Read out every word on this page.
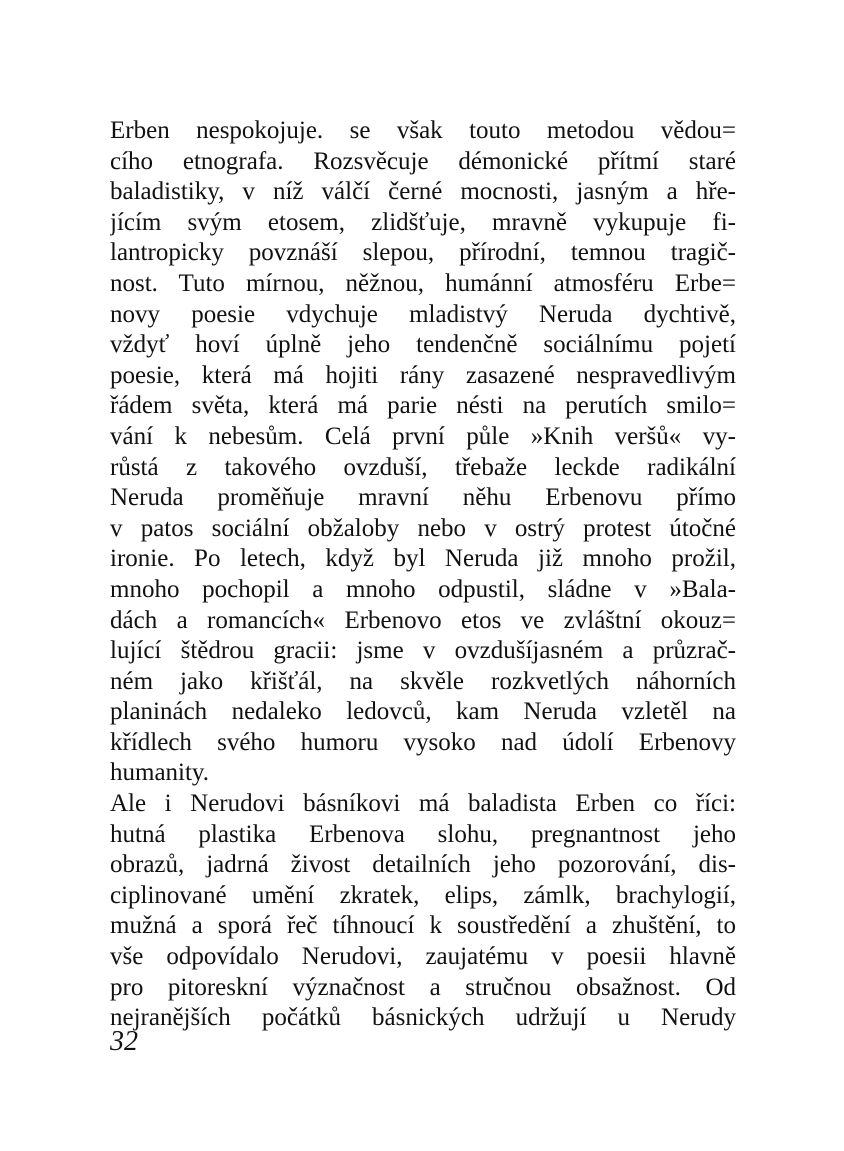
Erben nespokojuje. se však touto metodou vědou=
cího etnografa. Rozsvěcuje démonické přítmí staré
baladistiky, v níž válčí černé mocnosti, jasným a hře-
jícím svým etosem, zlidšťuje, mravně vykupuje fi-
lantropicky povznáší slepou, přírodní, temnou tragič-
nost. Tuto mírnou, něžnou, humánní atmosféru Erbe=
novy poesie vdychuje mladistvý Neruda dychtivě,
vždyť hoví úplně jeho tendenčně sociálnímu pojetí
poesie, která má hojiti rány zasazené nespravedlivým
řádem světa, která má parie nésti na perutích smilo=
vání k nebesům. Celá první půle »Knih veršů« vy-
růstá z takového ovzduší, třebaže leckde radikální
Neruda proměňuje mravní něhu Erbenovu přímo
v patos sociální obžaloby nebo v ostrý protest útočné
ironie. Po letech, když byl Neruda již mnoho prožil,
mnoho pochopil a mnoho odpustil, sládne v »Bala-
dách a romancích« Erbenovo etos ve zvláštní okouz=
lující štědrou gracii: jsme v ovzdušíjasném a průzrač-
ném jako křišťál, na skvěle rozkvetlých náhorních
planinách nedaleko ledovců, kam Neruda vzletěl na
křídlech svého humoru vysoko nad údolí Erbenovy
humanity.
Ale i Nerudovi básníkovi má baladista Erben co říci:
hutná plastika Erbenova slohu, pregnantnost jeho
obrazů, jadrná živost detailních jeho pozorování, dis-
ciplinované umění zkratek, elips, zámlk, brachylogií,
mužná a sporá řeč tíhnoucí k soustředění a zhuštění, to
vše odpovídalo Nerudovi, zaujatému v poesii hlavně
pro pitoreskní význačnost a stručnou obsažnost. Od
nejranějších počátků básnických udržují u Nerudy
32
